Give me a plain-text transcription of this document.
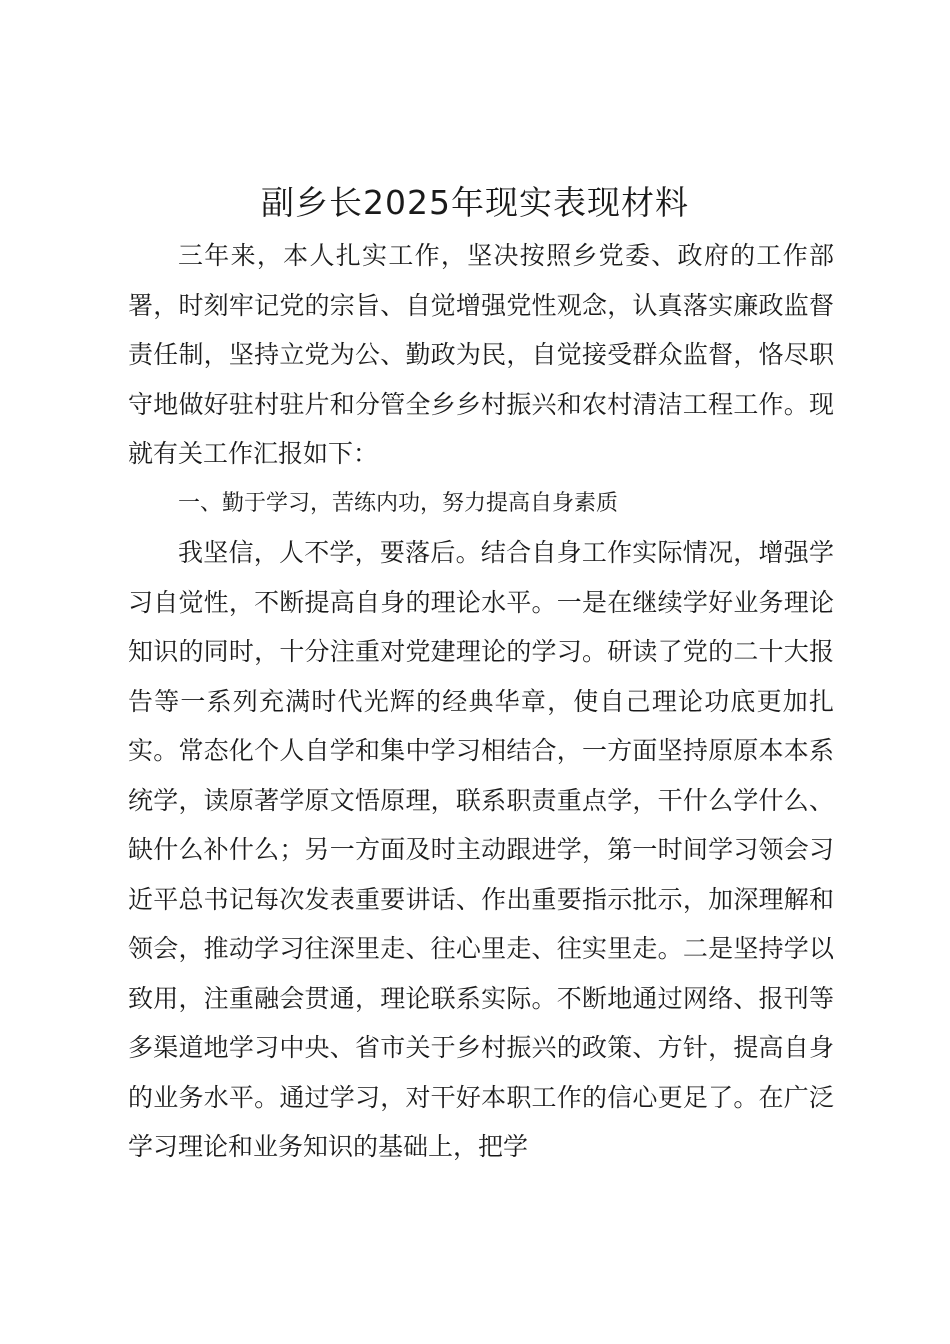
副乡长2025年现实表现材料

三年来，本人扎实工作，坚决按照乡党委、政府的工作部署，时刻牢记党的宗旨、自觉增强党性观念，认真落实廉政监督责任制，坚持立党为公、勤政为民，自觉接受群众监督，恪尽职守地做好驻村驻片和分管全乡乡村振兴和农村清洁工程工作。现就有关工作汇报如下：

一、勤于学习，苦练内功，努力提高自身素质

我坚信，人不学，要落后。结合自身工作实际情况，增强学习自觉性，不断提高自身的理论水平。一是在继续学好业务理论知识的同时，十分注重对党建理论的学习。研读了党的二十大报告等一系列充满时代光辉的经典华章，使自己理论功底更加扎实。常态化个人自学和集中学习相结合，一方面坚持原原本本系统学，读原著学原文悟原理，联系职责重点学，干什么学什么、缺什么补什么；另一方面及时主动跟进学，第一时间学习领会习近平总书记每次发表重要讲话、作出重要指示批示，加深理解和领会，推动学习往深里走、往心里走、往实里走。二是坚持学以致用，注重融会贯通，理论联系实际。不断地通过网络、报刊等多渠道地学习中央、省市关于乡村振兴的政策、方针，提高自身的业务水平。通过学习，对干好本职工作的信心更足了。在广泛学习理论和业务知识的基础上，把学
